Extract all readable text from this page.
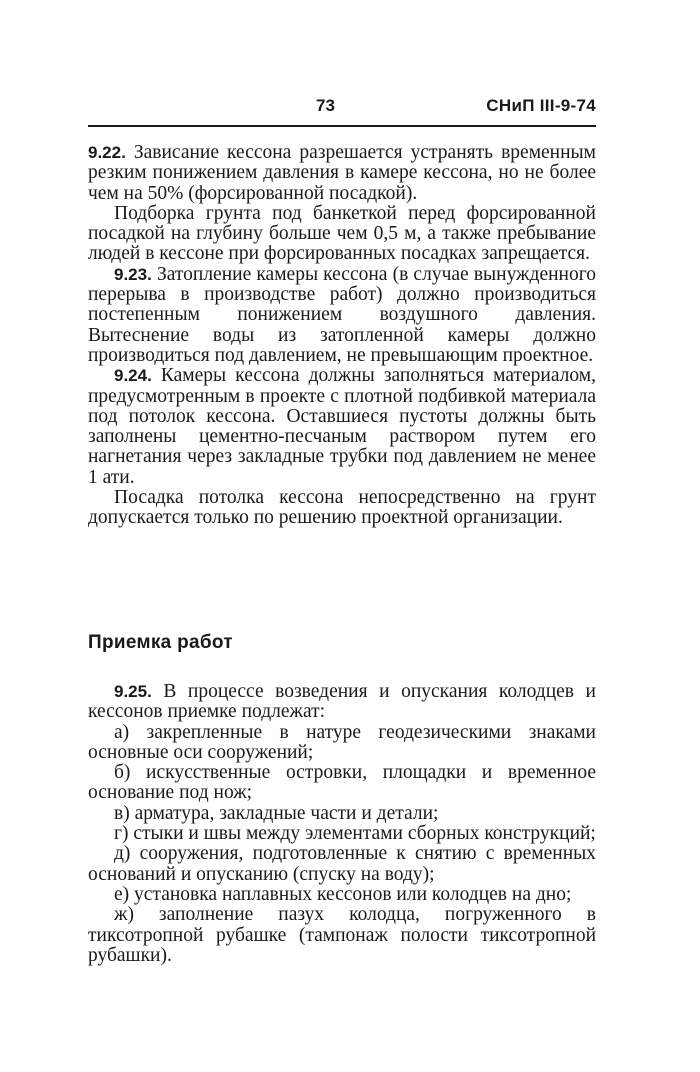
73	СНиП III-9-74

9.22. Зависание кессона разрешается устранять временным резким понижением давления в камере кессона, но не более чем на 50% (форсированной посадкой).

Подборка грунта под банкеткой перед форсированной посадкой на глубину больше чем 0,5 м, а также пребывание людей в кессоне при форсированных посадках запрещается.

9.23. Затопление камеры кессона (в случае вынужденного перерыва в производстве работ) должно производиться постепенным понижением воздушного давления. Вытеснение воды из затопленной камеры должно производиться под давлением, не превышающим проектное.

9.24. Камеры кессона должны заполняться материалом, предусмотренным в проекте с плотной подбивкой материала под потолок кессона. Оставшиеся пустоты должны быть заполнены цементно-песчаным раствором путем его нагнетания через закладные трубки под давлением не менее 1 ати.

Посадка потолка кессона непосредственно на грунт допускается только по решению проектной организации.

Приемка работ

9.25. В процессе возведения и опускания колодцев и кессонов приемке подлежат:

а) закрепленные в натуре геодезическими знаками основные оси сооружений;

б) искусственные островки, площадки и временное основание под нож;

в) арматура, закладные части и детали;

г) стыки и швы между элементами сборных конструкций;

д) сооружения, подготовленные к снятию с временных оснований и опусканию (спуску на воду);

е) установка наплавных кессонов или колодцев на дно;

ж) заполнение пазух колодца, погруженного в тиксотропной рубашке (тампонаж полости тиксотропной рубашки).
